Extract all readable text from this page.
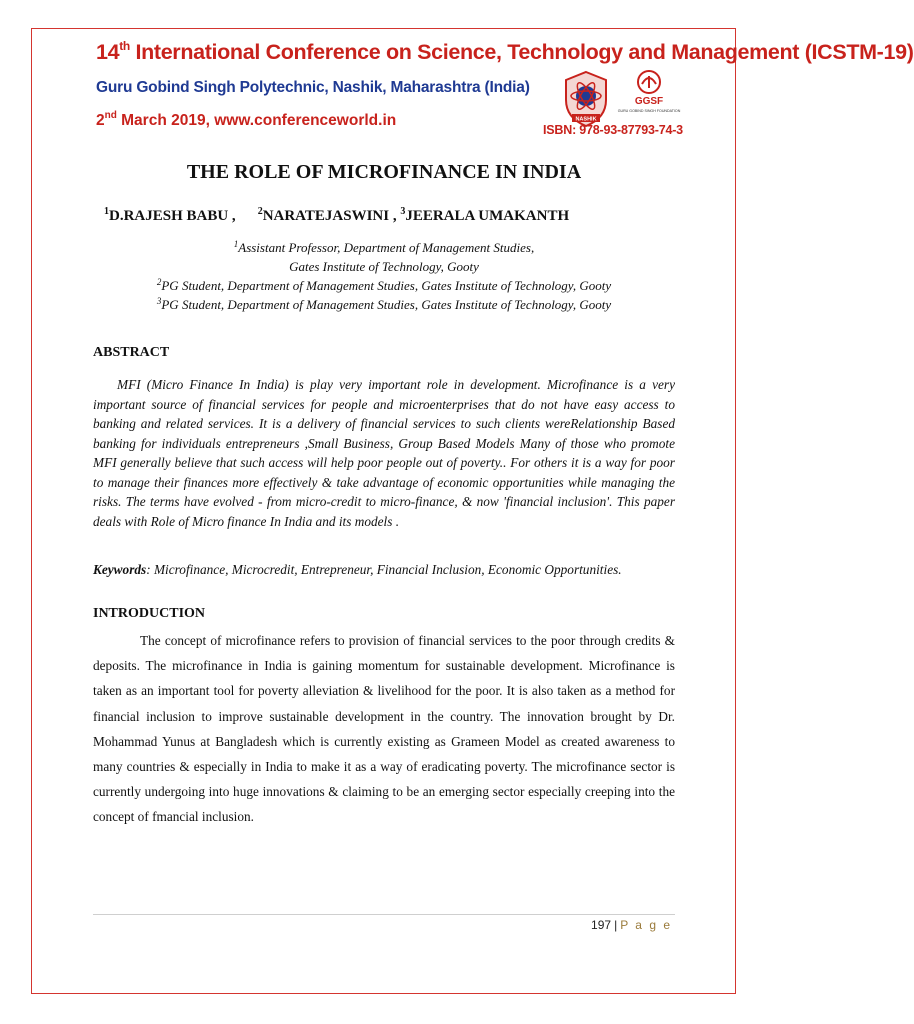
14th International Conference on Science, Technology and Management (ICSTM-19)
Guru Gobind Singh Polytechnic, Nashik, Maharashtra (India)
2nd March 2019, www.conferenceworld.in	NASHIK
GGSF
GURU GOBIND SINGH FOUNDATION
ISBN: 978-93-87793-74-3
THE ROLE OF MICROFINANCE IN INDIA
$^1$D.RAJESH BABU , $^2$NARATEJASWINI , $^3$JEERALA UMAKANTH
$^1$Assistant Professor, Department of Management Studies,
Gates Institute of Technology, Gooty
$^2$PG Student, Department of Management Studies, Gates Institute of Technology, Gooty
$^3$PG Student, Department of Management Studies, Gates Institute of Technology, Gooty
ABSTRACT
MFI (Micro Finance In India) is play very important role in development. Microfinance is a very important source of financial services for people and microenterprises that do not have easy access to banking and related services. It is a delivery of financial services to such clients wereRelationship Based banking for individuals entrepreneurs ,Small Business, Group Based Models Many of those who promote MFI generally believe that such access will help poor people out of poverty.. For others it is a way for poor to manage their finances more effectively & take advantage of economic opportunities while managing the risks. The terms have evolved - from micro-credit to micro-finance, & now 'financial inclusion'. This paper deals with Role of Micro finance In India and its models .
Keywords: Microfinance, Microcredit, Entrepreneur, Financial Inclusion, Economic Opportunities.
INTRODUCTION
The concept of microfinance refers to provision of financial services to the poor through credits & deposits. The microfinance in India is gaining momentum for sustainable development. Microfinance is taken as an important tool for poverty alleviation & livelihood for the poor. It is also taken as a method for financial inclusion to improve sustainable development in the country. The innovation brought by Dr. Mohammad Yunus at Bangladesh which is currently existing as Grameen Model as created awareness to many countries & especially in India to make it as a way of eradicating poverty. The microfinance sector is currently undergoing into huge innovations & claiming to be an emerging sector especially creeping into the concept of fmancial inclusion.
197 | P a g e
